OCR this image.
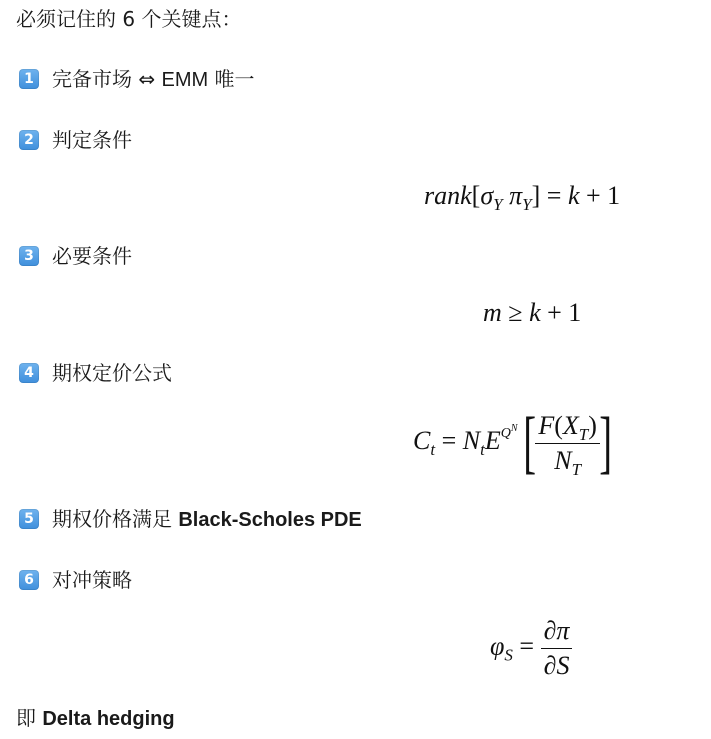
必须记住的 6 个关键点：
1 完备市场 ⇔ EMM 唯一
2 判定条件
$rank[\sigma_Y$ $\pi_Y] = k + 1$
3 必要条件
m ≥ k + 1
4 期权定价公式
$C_t = N_tE^{Q^N}$ [ $\frac{F(X_T)}{N_T}$ ]
5 期权价格满足 Black-Scholes PDE
6 对冲策略
$\varphi_S = \frac{\partial\pi}{\partial S}$
即 Delta hedging
